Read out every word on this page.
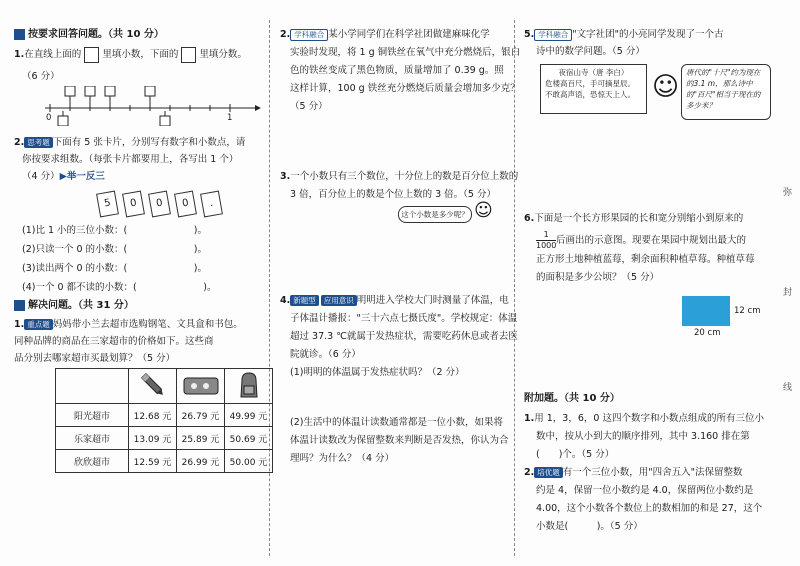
弥
封
线
按要求回答问题。（共 10 分）
1.在直线上面的 里填小数，下面的 里填分数。
（6 分）
0	1
2. 思考题 下面有 5 张卡片，分别写有数字和小数点，请
你按要求组数。（每张卡片都要用上，各写出 1 个）
（4 分）▶举一反三
5	0	0	0	.
(1)比 1 小的三位小数：(　　　　　　　)。
(2)只读一个 0 的小数：(　　　　　　　)。
(3)读出两个 0 的小数：(　　　　　　　)。
(4)一个 0 都不读的小数：(　　　　　　　)。
解决问题。（共 31 分）
1. 重点题 妈妈带小兰去超市选购钢笔、文具盒和书包。
同种品牌的商品在三家超市的价格如下。这些商
品分别去哪家超市买最划算？（5 分）

阳光超市	12.68 元	26.79 元	49.99 元
乐家超市	13.09 元	25.89 元	50.69 元
欣欣超市	12.59 元	26.99 元	50.00 元
2. 学科融合 某小学同学们在科学社团做建麻味化学
实验时发现，将 1 g 铜铁丝在氧气中充分燃烧后，银白
色的铁丝变成了黑色物质，质量增加了 0.39 g。照
这样计算，100 g 铁丝充分燃烧后质量会增加多少克？
（5 分）
3.一个小数只有三个数位，十分位上的数是百分位上数的
3 倍，百分位上的数是个位上数的 3 倍。（5 分）
这个小数是多少呢？ ☺
4. 新题型 应用意识 明明进入学校大门时测量了体温，电
子体温计播报："三十六点七摄氏度"。学校规定：体温
超过 37.3 ℃就属于发热症状，需要吃药休息或者去医
院就诊。（6 分）
(1)明明的体温属于发热症状吗？（2 分）
(2)生活中的体温计读数通常都是一位小数，如果将
体温计读数改为保留整数来判断是否发热，你认为合
理吗？为什么？（4 分）
5. 学科融合 "文字社团"的小亮同学发现了一个古
诗中的数学问题。（5 分）
夜宿山寺（唐 李白）
危楼高百尺，手可摘星辰。
不敢高声语，恐惊天上人。 ☺ 唐代的"十尺"约为现在的3.1 m，那么诗中的"百尺"相当于现在的多少米？
6.下面是一个长方形果园的长和宽分别缩小到原来的
$\frac{1}{1000}$ 后画出的示意图。现要在果园中规划出最大的
正方形土地种植蓝莓，剩余面积种植草莓。种植草莓
的面积是多少公顷？（5 分）
12 cm
20 cm
附加题。（共 10 分）
1.用 1，3，6，0 这四个数字和小数点组成的所有三位小
数中，按从小到大的顺序排列，其中 3.160 排在第
(　　)个。（5 分）
2. 培优题 有一个三位小数，用"四舍五入"法保留整数
约是 4，保留一位小数约是 4.0，保留两位小数约是
4.00，这个小数各个数位上的数相加的和是 27，这个
小数是(　　　)。（5 分）
